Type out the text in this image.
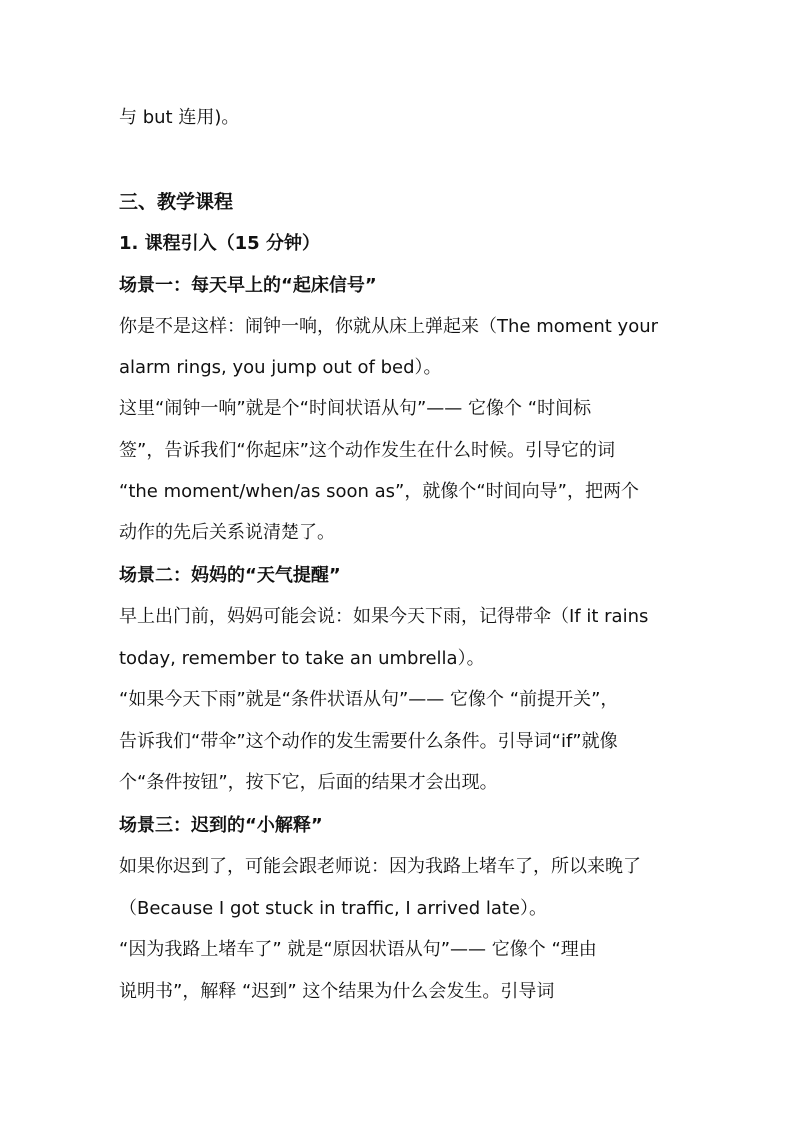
与 but 连用)。
三、教学课程
1. 课程引入（15 分钟）
场景一：每天早上的“起床信号”
你是不是这样：闹钟一响，你就从床上弹起来（The moment your
alarm rings, you jump out of bed）。
这里“闹钟一响”就是个“时间状语从句”—— 它像个 “时间标
签”，告诉我们“你起床”这个动作发生在什么时候。引导它的词
“the moment/when/as soon as”，就像个“时间向导”，把两个
动作的先后关系说清楚了。
场景二：妈妈的“天气提醒”
早上出门前，妈妈可能会说：如果今天下雨，记得带伞（If it rains
today, remember to take an umbrella）。
“如果今天下雨”就是“条件状语从句”—— 它像个 “前提开关”，
告诉我们“带伞”这个动作的发生需要什么条件。引导词“if”就像
个“条件按钮”，按下它，后面的结果才会出现。
场景三：迟到的“小解释”
如果你迟到了，可能会跟老师说：因为我路上堵车了，所以来晚了
（Because I got stuck in traffic, I arrived late）。
“因为我路上堵车了” 就是“原因状语从句”—— 它像个 “理由
说明书”，解释 “迟到” 这个结果为什么会发生。引导词
